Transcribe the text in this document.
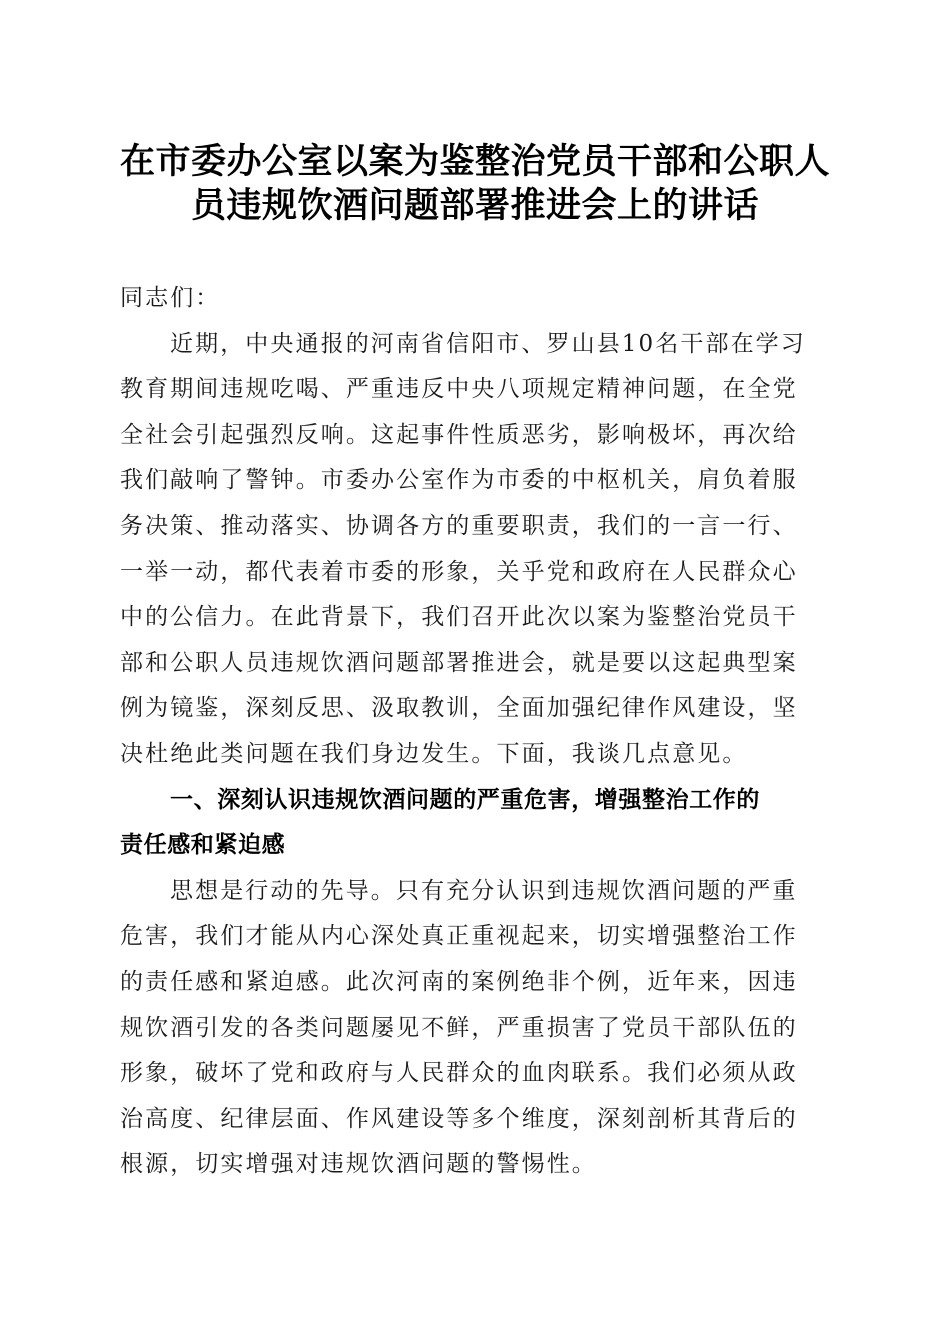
在市委办公室以案为鉴整治党员干部和公职人
员违规饮酒问题部署推进会上的讲话
同志们：
近期，中央通报的河南省信阳市、罗山县10名干部在学习
教育期间违规吃喝、严重违反中央八项规定精神问题，在全党
全社会引起强烈反响。这起事件性质恶劣，影响极坏，再次给
我们敲响了警钟。市委办公室作为市委的中枢机关，肩负着服
务决策、推动落实、协调各方的重要职责，我们的一言一行、
一举一动，都代表着市委的形象，关乎党和政府在人民群众心
中的公信力。在此背景下，我们召开此次以案为鉴整治党员干
部和公职人员违规饮酒问题部署推进会，就是要以这起典型案
例为镜鉴，深刻反思、汲取教训，全面加强纪律作风建设，坚
决杜绝此类问题在我们身边发生。下面，我谈几点意见。
一、深刻认识违规饮酒问题的严重危害，增强整治工作的
责任感和紧迫感
思想是行动的先导。只有充分认识到违规饮酒问题的严重
危害，我们才能从内心深处真正重视起来，切实增强整治工作
的责任感和紧迫感。此次河南的案例绝非个例，近年来，因违
规饮酒引发的各类问题屡见不鲜，严重损害了党员干部队伍的
形象，破坏了党和政府与人民群众的血肉联系。我们必须从政
治高度、纪律层面、作风建设等多个维度，深刻剖析其背后的
根源，切实增强对违规饮酒问题的警惕性。
